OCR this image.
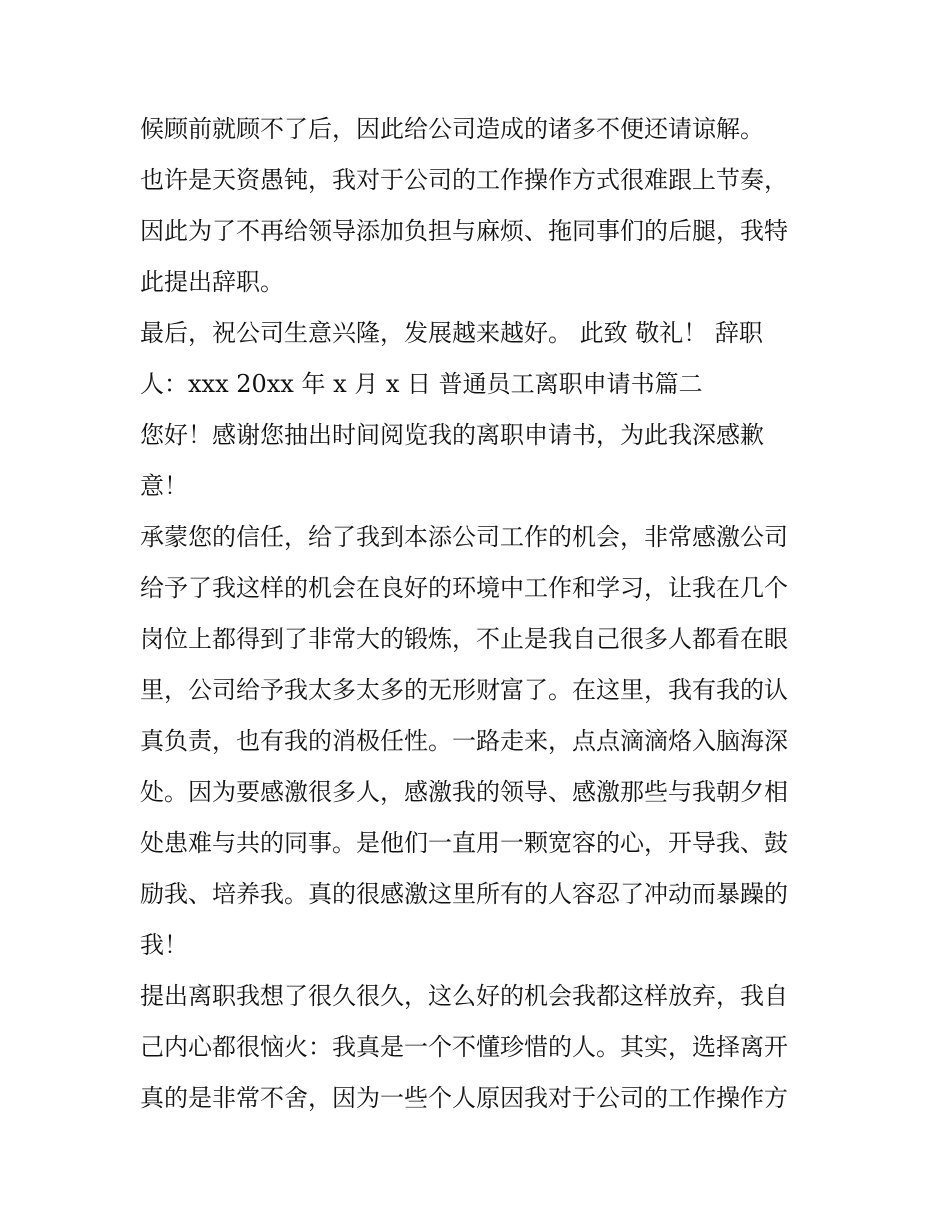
候顾前就顾不了后，因此给公司造成的诸多不便还请谅解。
也许是天资愚钝，我对于公司的工作操作方式很难跟上节奏，
因此为了不再给领导添加负担与麻烦、拖同事们的后腿，我特
此提出辞职。
最后，祝公司生意兴隆，发展越来越好。 此致 敬礼！ 辞职
人：xxx 20xx 年 x 月 x 日 普通员工离职申请书篇二
您好！感谢您抽出时间阅览我的离职申请书，为此我深感歉
意！
承蒙您的信任，给了我到本添公司工作的机会，非常感激公司
给予了我这样的机会在良好的环境中工作和学习，让我在几个
岗位上都得到了非常大的锻炼，不止是我自己很多人都看在眼
里，公司给予我太多太多的无形财富了。在这里，我有我的认
真负责，也有我的消极任性。一路走来，点点滴滴烙入脑海深
处。因为要感激很多人，感激我的领导、感激那些与我朝夕相
处患难与共的同事。是他们一直用一颗宽容的心，开导我、鼓
励我、培养我。真的很感激这里所有的人容忍了冲动而暴躁的
我！
提出离职我想了很久很久，这么好的机会我都这样放弃，我自
己内心都很恼火：我真是一个不懂珍惜的人。其实，选择离开
真的是非常不舍，因为一些个人原因我对于公司的工作操作方
